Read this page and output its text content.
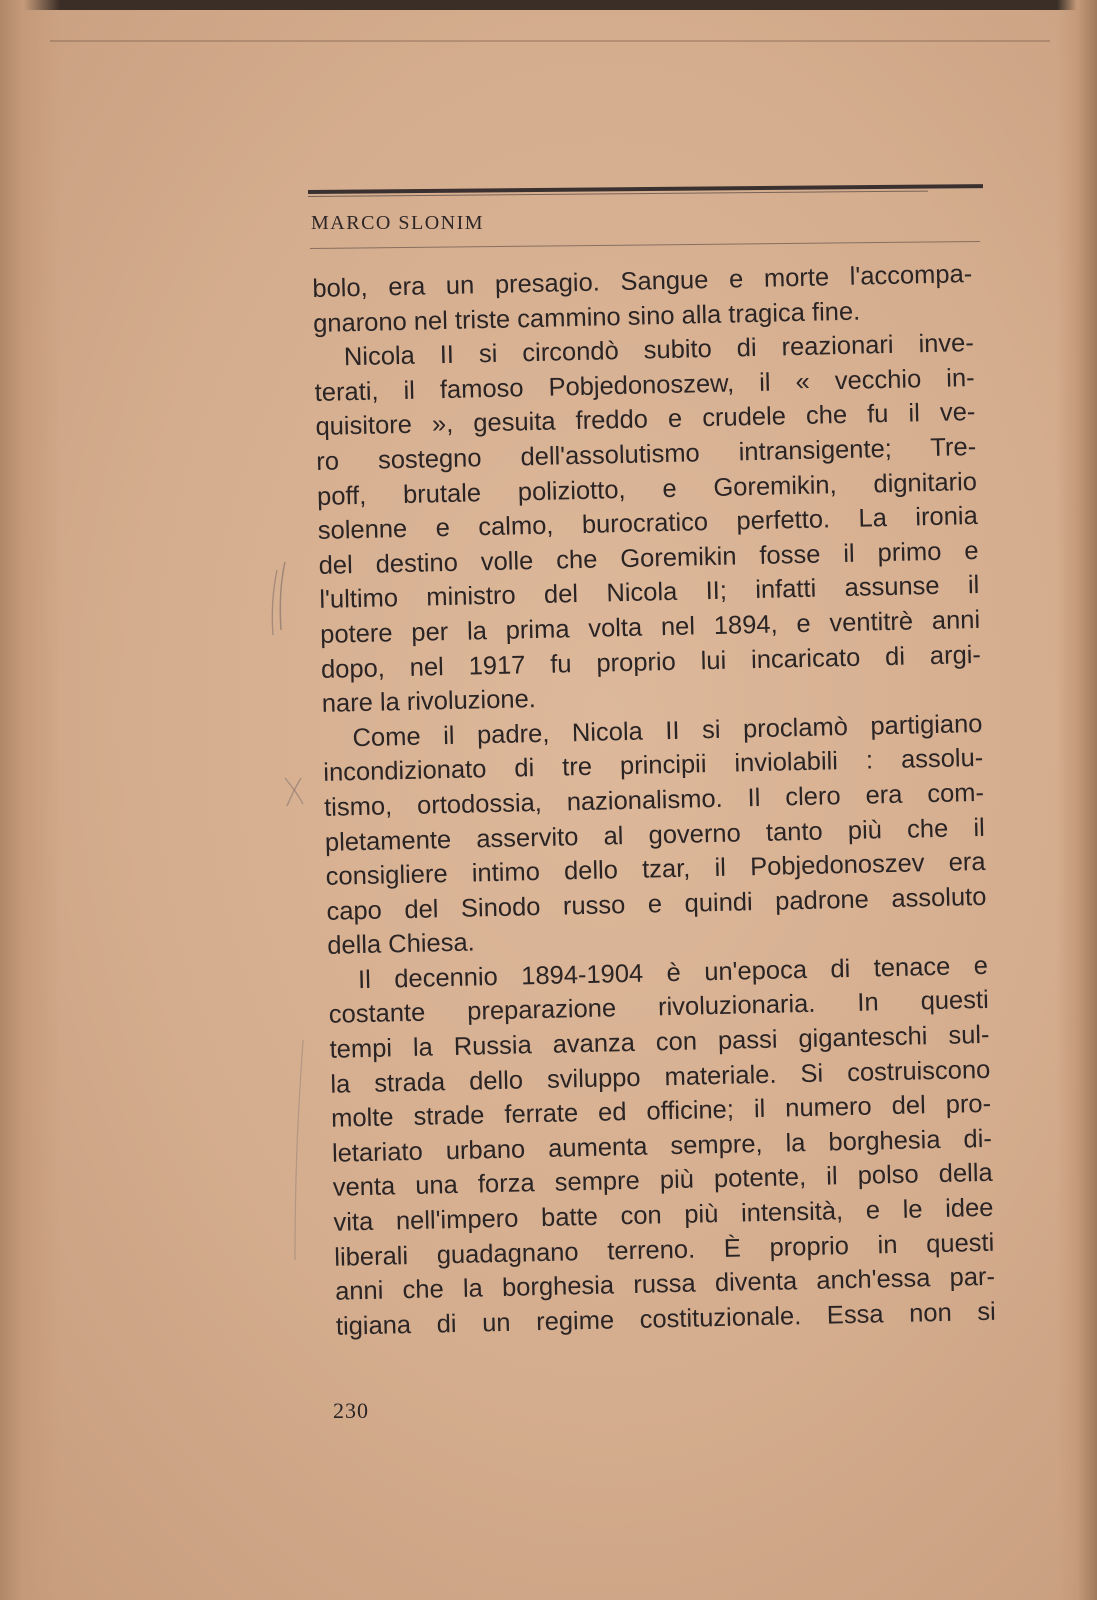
MARCO SLONIM
bolo, era un presagio. Sangue e morte l'accompa-
gnarono nel triste cammino sino alla tragica fine.
Nicola II si circondò subito di reazionari inve-
terati, il famoso Pobjedonoszew, il « vecchio in-
quisitore », gesuita freddo e crudele che fu il ve-
ro sostegno dell'assolutismo intransigente; Tre-
poff, brutale poliziotto, e Goremikin, dignitario
solenne e calmo, burocratico perfetto. La ironia
del destino volle che Goremikin fosse il primo e
l'ultimo ministro del Nicola II; infatti assunse il
potere per la prima volta nel 1894, e ventitrè anni
dopo, nel 1917 fu proprio lui incaricato di argi-
nare la rivoluzione.
Come il padre, Nicola II si proclamò partigiano
incondizionato di tre principii inviolabili : assolu-
tismo, ortodossia, nazionalismo. Il clero era com-
pletamente asservito al governo tanto più che il
consigliere intimo dello tzar, il Pobjedonoszev era
capo del Sinodo russo e quindi padrone assoluto
della Chiesa.
Il decennio 1894-1904 è un'epoca di tenace e
costante preparazione rivoluzionaria. In questi
tempi la Russia avanza con passi giganteschi sul-
la strada dello sviluppo materiale. Si costruiscono
molte strade ferrate ed officine; il numero del pro-
letariato urbano aumenta sempre, la borghesia di-
venta una forza sempre più potente, il polso della
vita nell'impero batte con più intensità, e le idee
liberali guadagnano terreno. È proprio in questi
anni che la borghesia russa diventa anch'essa par-
tigiana di un regime costituzionale. Essa non si
230
